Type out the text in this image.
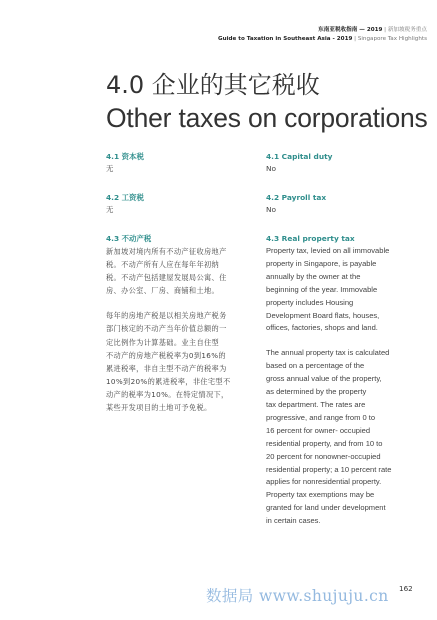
东南亚税收指南 — 2019 | 新加坡税务重点
Guide to Taxation in Southeast Asia - 2019 | Singapore Tax Highlights
4.0 企业的其它税收
Other taxes on corporations

4.1 资本税

无

4.2 工资税

无

4.3 不动产税

新加坡对境内所有不动产征收房地产
税。不动产所有人应在每年年初纳
税。不动产包括建屋发展局公寓、住
房、办公室、厂房、商铺和土地。

每年的房地产税是以相关房地产税务
部门核定的不动产当年价值总额的一
定比例作为计算基础。业主自住型
不动产的房地产税税率为0到16%的
累进税率，非自主型不动产的税率为
10%到20%的累进税率，非住宅型不
动产的税率为10%。在特定情况下，
某些开发项目的土地可予免税。

4.1 Capital duty

No

4.2 Payroll tax

No

4.3 Real property tax

Property tax, levied on all immovable
property in Singapore, is payable
annually by the owner at the
beginning of the year. Immovable
property includes Housing
Development Board flats, houses,
offices, factories, shops and land.

The annual property tax is calculated
based on a percentage of the
gross annual value of the property,
as determined by the property
tax department. The rates are
progressive, and range from 0 to
16 percent for owner- occupied
residential property, and from 10 to
20 percent for nonowner-occupied
residential property; a 10 percent rate
applies for nonresidential property.
Property tax exemptions may be
granted for land under development
in certain cases.

数据局 www.shujuju.cn 162
